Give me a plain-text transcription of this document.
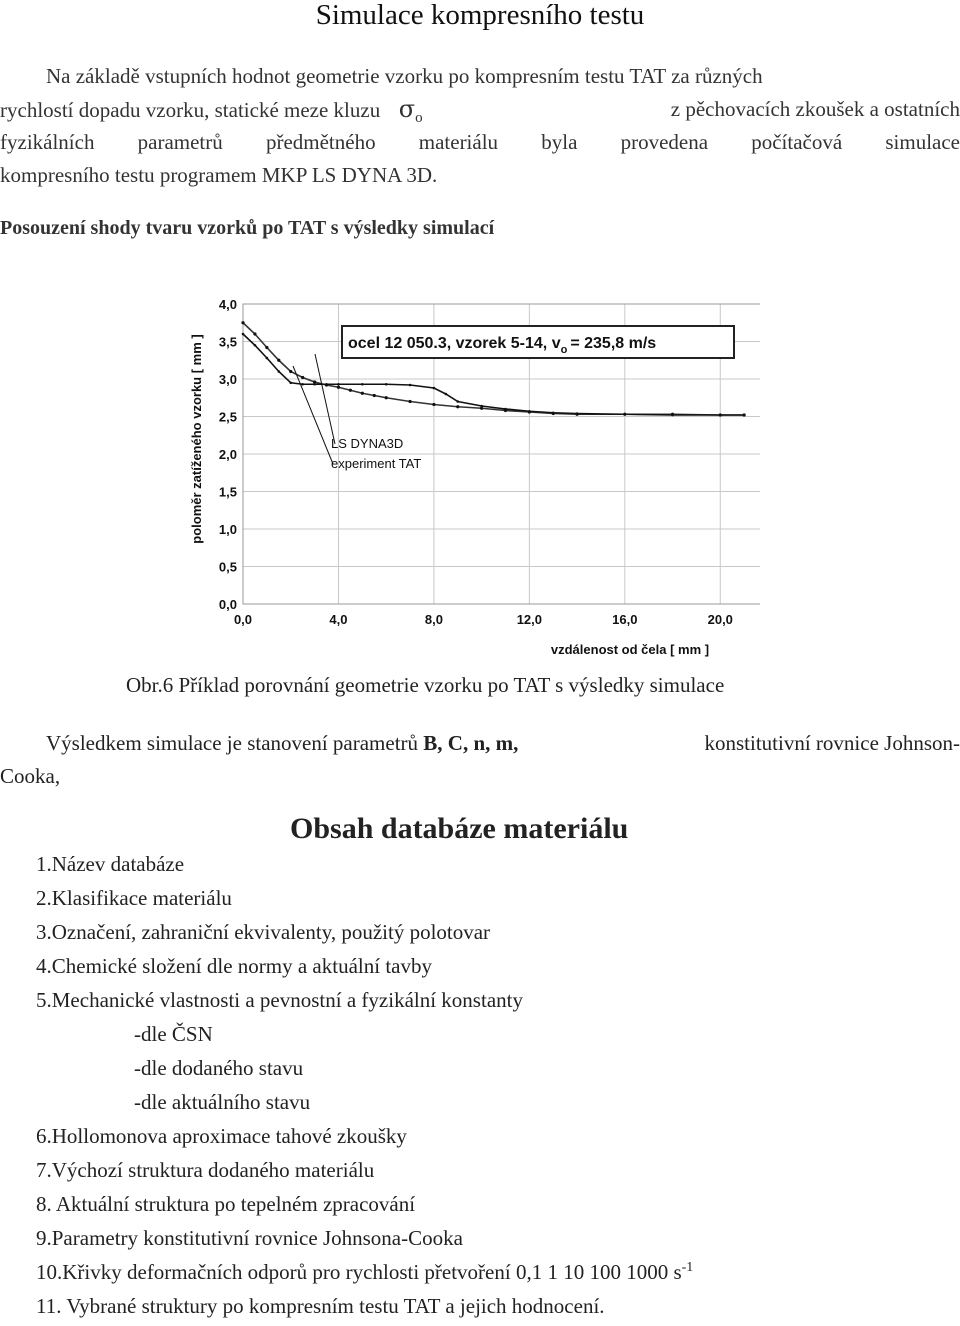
Simulace kompresního testu
Na základě vstupních hodnot geometrie vzorku po kompresním testu TAT za různých
rychlostí dopadu vzorku, statické meze kluzu $\sigma_o$	z pěchovacích zkoušek a ostatních
fyzikálních parametrů předmětného materiálu byla provedena počítačová simulace
kompresního testu programem MKP LS DYNA 3D.
Posouzení shody tvaru vzorků po TAT s výsledky simulací
0,0	4,0	8,0	12,0	16,0	20,0
0,0
0,5
1,0
1,5
2,0
2,5
3,0
3,5
4,0
ocel 12 050.3, vzorek 5-14, $v_o = 235,8$ m/s
LS DYNA3D
experiment TAT
vzdálenost od čela [ mm ]
poloměr zatíženého vzorku [ mm ]
Obr.6 Příklad porovnání geometrie vzorku po TAT s výsledky simulace
Výsledkem simulace je stanovení parametrů B, C, n, m,	konstitutivní rovnice Johnson-
Cooka,
Obsah databáze materiálu
1.Název databáze
2.Klasifikace materiálu
3.Označení, zahraniční ekvivalenty, použitý polotovar
4.Chemické složení dle normy a aktuální tavby
5.Mechanické vlastnosti a pevnostní a fyzikální konstanty
-dle ČSN
-dle dodaného stavu
-dle aktuálního stavu
6.Hollomonova aproximace tahové zkoušky
7.Výchozí struktura dodaného materiálu
8. Aktuální struktura po tepelném zpracování
9.Parametry konstitutivní rovnice Johnsona-Cooka
10.Křivky deformačních odporů pro rychlosti přetvoření 0,1 1 10 100 1000 $s^{-1}$
11. Vybrané struktury po kompresním testu TAT a jejich hodnocení.
